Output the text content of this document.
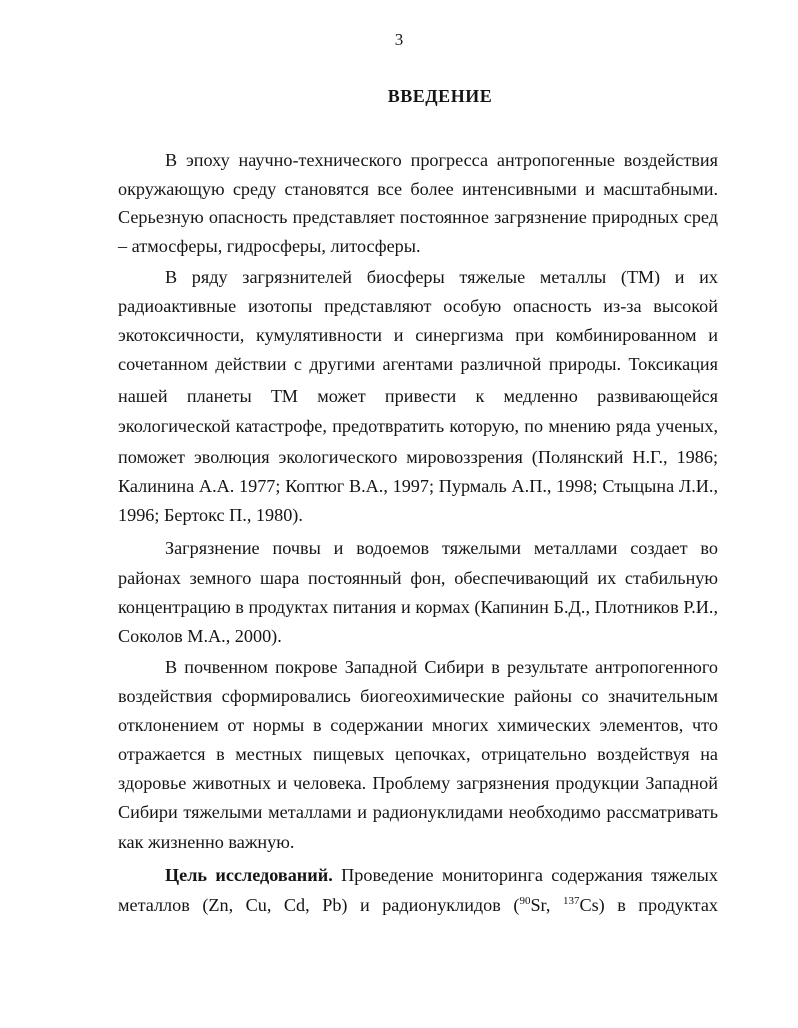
3
ВВЕДЕНИЕ
В эпоху научно-технического прогресса антропогенные воздействия
окружающую среду становятся все более интенсивными и масштабными.
Серьезную опасность представляет постоянное загрязнение природных сред
– атмосферы, гидросферы, литосферы.
В ряду загрязнителей биосферы тяжелые металлы (ТМ) и их
радиоактивные изотопы представляют особую опасность из-за высокой
экотоксичности, кумулятивности и синергизма при комбинированном и
сочетанном действии с другими агентами различной природы. Токсикация
нашей планеты ТМ может привести к медленно развивающейся
экологической катастрофе, предотвратить которую, по мнению ряда ученых,
поможет эволюция экологического мировоззрения (Полянский Н.Г., 1986;
Калинина А.А. 1977; Коптюг В.А., 1997; Пурмаль А.П., 1998; Стыцына Л.И.,
1996; Бертокс П., 1980).
Загрязнение почвы и водоемов тяжелыми металлами создает во
районах земного шара постоянный фон, обеспечивающий их стабильную
концентрацию в продуктах питания и кормах (Капинин Б.Д., Плотников Р.И.,
Соколов М.А., 2000).
В почвенном покрове Западной Сибири в результате антропогенного
воздействия сформировались биогеохимические районы со значительным
отклонением от нормы в содержании многих химических элементов, что
отражается в местных пищевых цепочках, отрицательно воздействуя на
здоровье животных и человека. Проблему загрязнения продукции Западной
Сибири тяжелыми металлами и радионуклидами необходимо рассматривать
как жизненно важную.
Цель исследований. Проведение мониторинга содержания тяжелых
металлов (Zn, Cu, Cd, Pb) и радионуклидов ($^{90}$Sr, $^{137}$Cs) в продуктах
